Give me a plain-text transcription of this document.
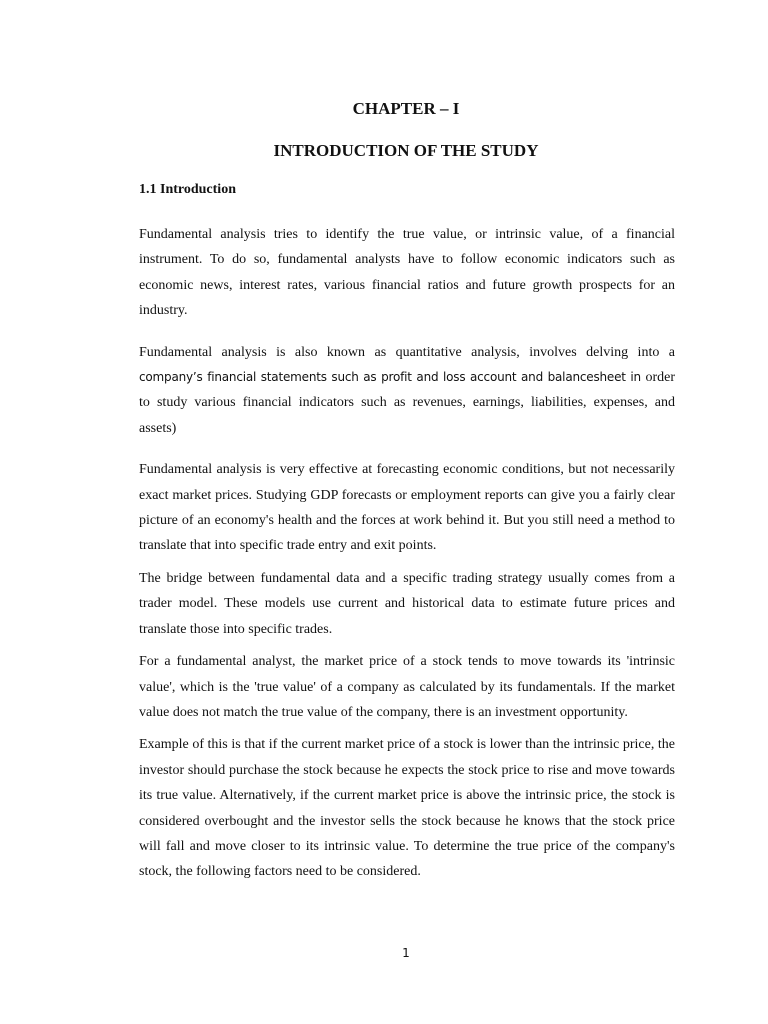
CHAPTER – I
INTRODUCTION OF THE STUDY
1.1 Introduction

Fundamental analysis tries to identify the true value, or intrinsic value, of a financial instrument. To do so, fundamental analysts have to follow economic indicators such as economic news, interest rates, various financial ratios and future growth prospects for an industry.

Fundamental analysis is also known as quantitative analysis, involves delving into a company’s financial statements such as profit and loss account and balancesheet in order to study various financial indicators such as revenues, earnings, liabilities, expenses, and assets)

Fundamental analysis is very effective at forecasting economic conditions, but not necessarily exact market prices. Studying GDP forecasts or employment reports can give you a fairly clear picture of an economy's health and the forces at work behind it. But you still need a method to translate that into specific trade entry and exit points.

The bridge between fundamental data and a specific trading strategy usually comes from a trader model. These models use current and historical data to estimate future prices and translate those into specific trades.

For a fundamental analyst, the market price of a stock tends to move towards its 'intrinsic value', which is the 'true value' of a company as calculated by its fundamentals. If the market value does not match the true value of the company, there is an investment opportunity.

Example of this is that if the current market price of a stock is lower than the intrinsic price, the investor should purchase the stock because he expects the stock price to rise and move towards its true value. Alternatively, if the current market price is above the intrinsic price, the stock is considered overbought and the investor sells the stock because he knows that the stock price will fall and move closer to its intrinsic value. To determine the true price of the company's stock, the following factors need to be considered.

1
